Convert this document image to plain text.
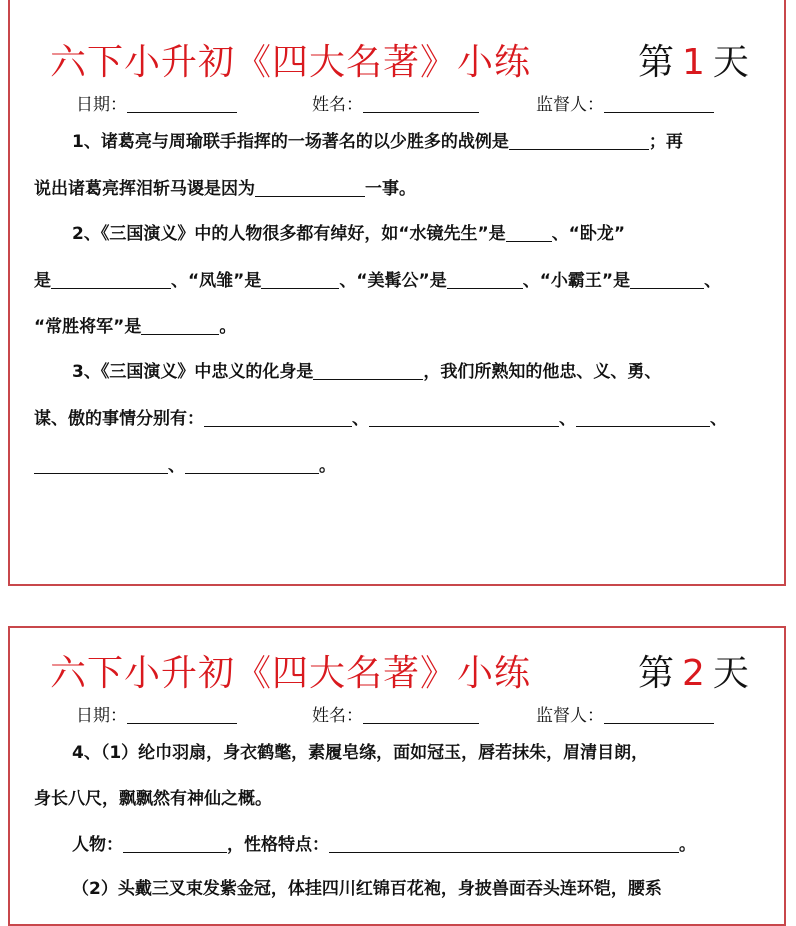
六下小升初《四大名著》小练	第 1 天
日期：	姓名：	监督人：
1、诸葛亮与周瑜联手指挥的一场著名的以少胜多的战例是	；再
说出诸葛亮挥泪斩马谡是因为	一事。
2、《三国演义》中的人物很多都有绰好，如“水镜先生”是	、“卧龙”
是	、“凤雏”是	、“美髯公”是	、“小霸王”是	、
“常胜将军”是	。
3、《三国演义》中忠义的化身是	，我们所熟知的他忠、义、勇、
谋、傲的事情分别有：	、	、	、
、	。
六下小升初《四大名著》小练	第 2 天
日期：	姓名：	监督人：
4、（1）纶巾羽扇，身衣鹤氅，素履皂绦，面如冠玉，唇若抹朱，眉清目朗，
身长八尺，飘飘然有神仙之概。
人物：	，性格特点：	。
（2）头戴三叉束发紫金冠，体挂四川红锦百花袍，身披兽面吞头连环铠，腰系
